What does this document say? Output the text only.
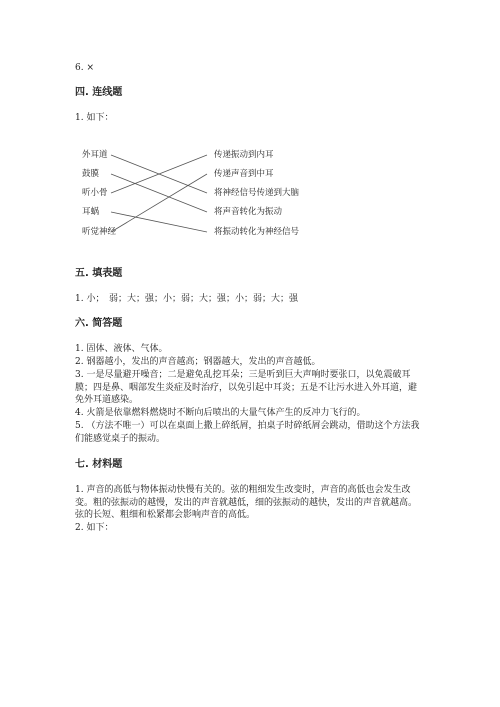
6. ×
四. 连线题
1. 如下：
外耳道
鼓膜
听小骨
耳蜗
听觉神经
传递振动到内耳
传递声音到中耳
将神经信号传递到大脑
将声音转化为振动
将振动转化为神经信号
五. 填表题
1. 小；　弱；大；强；小；弱；大；强；小；弱；大；强
六. 简答题
1. 固体、液体、气体。
2. 钢器越小，发出的声音越高；钢器越大，发出的声音越低。
3. 一是尽量避开噪音；二是避免乱挖耳朵；三是听到巨大声响时要张口，以免震破耳膜；四是鼻、咽部发生炎症及时治疗，以免引起中耳炎；五是不让污水进入外耳道，避免外耳道感染。
4. 火箭是依靠燃料燃烧时不断向后喷出的大量气体产生的反冲力飞行的。
5. （方法不唯一）可以在桌面上撒上碎纸屑，拍桌子时碎纸屑会跳动，借助这个方法我们能感觉桌子的振动。
七. 材料题
1. 声音的高低与物体振动快慢有关的。弦的粗细发生改变时，声音的高低也会发生改变。粗的弦振动的越慢，发出的声音就越低，细的弦振动的越快，发出的声音就越高。弦的长短、粗细和松紧都会影响声音的高低。
2. 如下：
